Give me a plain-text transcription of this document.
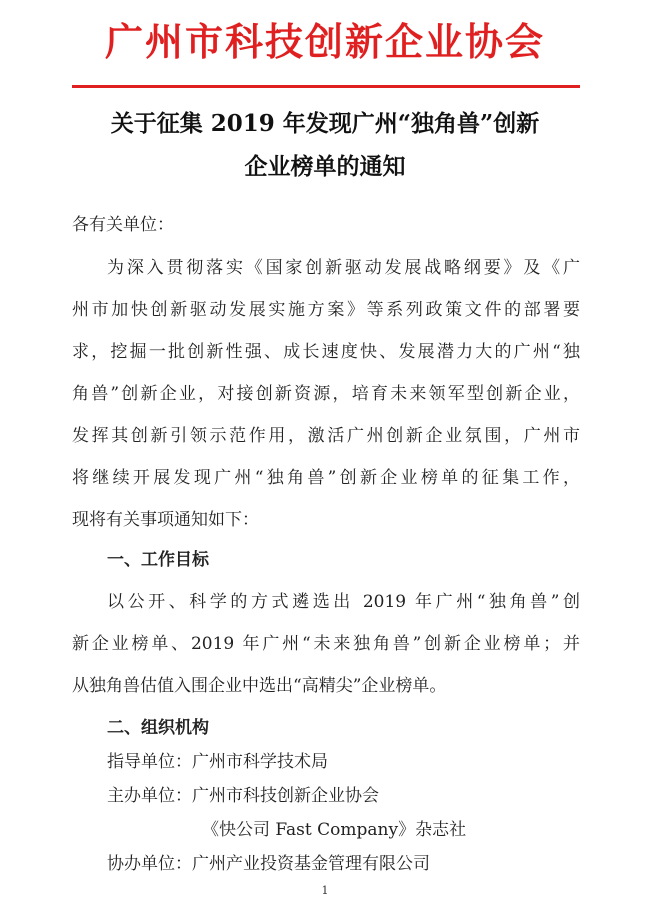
广州市科技创新企业协会
关于征集 2019 年发现广州“独角兽”创新
企业榜单的通知
各有关单位：
为深入贯彻落实《国家创新驱动发展战略纲要》及《广
州市加快创新驱动发展实施方案》等系列政策文件的部署要
求，挖掘一批创新性强、成长速度快、发展潜力大的广州“独
角兽”创新企业，对接创新资源，培育未来领军型创新企业，
发挥其创新引领示范作用，激活广州创新企业氛围，广州市
将继续开展发现广州“独角兽”创新企业榜单的征集工作，
现将有关事项通知如下：
一、工作目标
以公开、科学的方式遴选出 2019 年广州“独角兽”创
新企业榜单、2019 年广州“未来独角兽”创新企业榜单；并
从独角兽估值入围企业中选出“高精尖”企业榜单。
二、组织机构
指导单位：广州市科学技术局
主办单位：广州市科技创新企业协会
《快公司 Fast Company》杂志社
协办单位：广州产业投资基金管理有限公司
1
